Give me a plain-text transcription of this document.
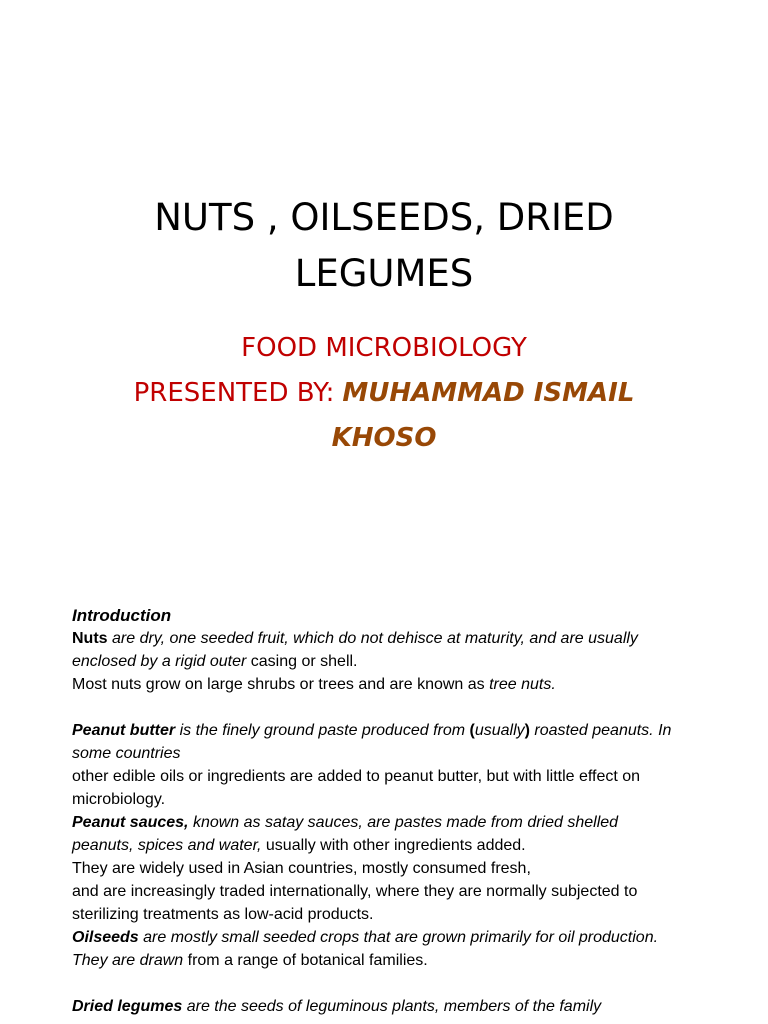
NUTS , OILSEEDS, DRIED
LEGUMES
FOOD MICROBIOLOGY
PRESENTED BY: MUHAMMAD ISMAIL
KHOSO

Introduction

Nuts are dry, one seeded fruit, which do not dehisce at maturity, and are usually enclosed by a rigid outer casing or shell.

Most nuts grow on large shrubs or trees and are known as tree nuts.

Peanut butter is the finely ground paste produced from (usually) roasted peanuts. In some countries

other edible oils or ingredients are added to peanut butter, but with little effect on microbiology.

Peanut sauces, known as satay sauces, are pastes made from dried shelled peanuts, spices and water, usually with other ingredients added.

They are widely used in Asian countries, mostly consumed fresh,

and are increasingly traded internationally, where they are normally subjected to sterilizing treatments as low-acid products.

Oilseeds are mostly small seeded crops that are grown primarily for oil production. They are drawn from a range of botanical families.

Dried legumes are the seeds of leguminous plants, members of the family
